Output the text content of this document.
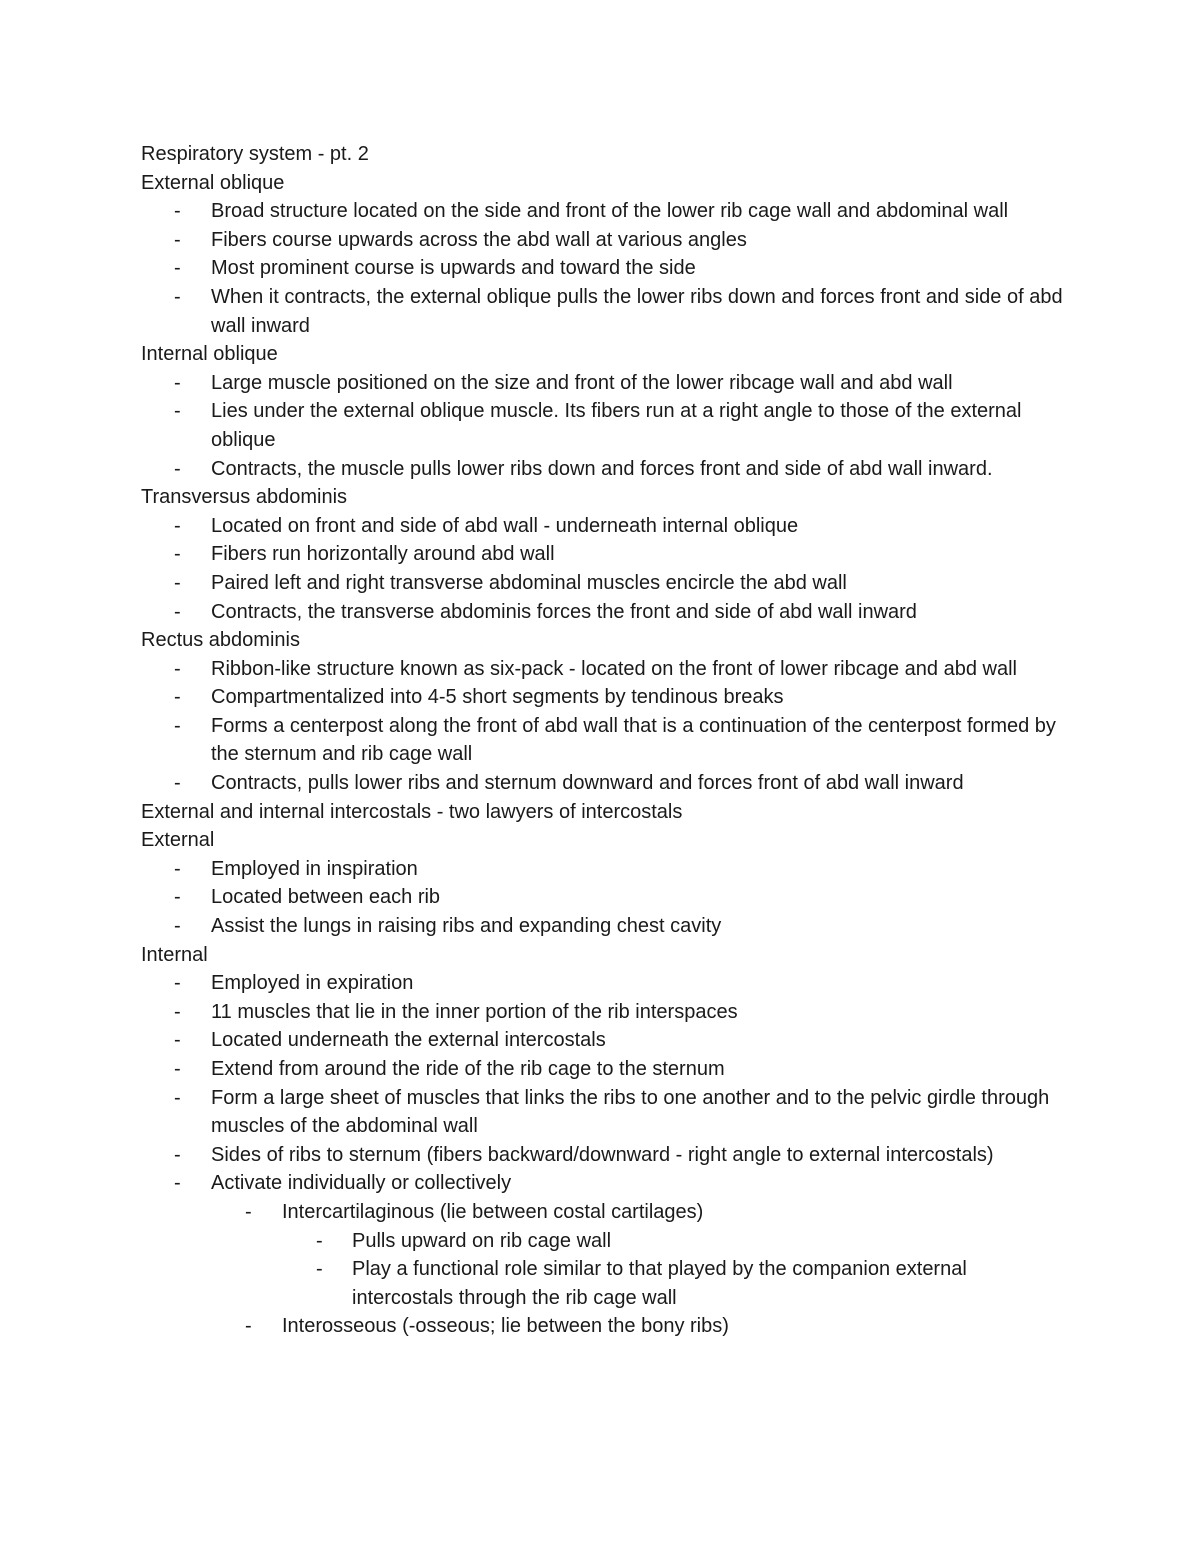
Respiratory system - pt. 2
External oblique
- Broad structure located on the side and front of the lower rib cage wall and abdominal wall
- Fibers course upwards across the abd wall at various angles
- Most prominent course is upwards and toward the side
- When it contracts, the external oblique pulls the lower ribs down and forces front and side of abd wall inward
Internal oblique
- Large muscle positioned on the size and front of the lower ribcage wall and abd wall
- Lies under the external oblique muscle. Its fibers run at a right angle to those of the external oblique
- Contracts, the muscle pulls lower ribs down and forces front and side of abd wall inward.
Transversus abdominis
- Located on front and side of abd wall - underneath internal oblique
- Fibers run horizontally around abd wall
- Paired left and right transverse abdominal muscles encircle the abd wall
- Contracts, the transverse abdominis forces the front and side of abd wall inward
Rectus abdominis
- Ribbon-like structure known as six-pack - located on the front of lower ribcage and abd wall
- Compartmentalized into 4-5 short segments by tendinous breaks
- Forms a centerpost along the front of abd wall that is a continuation of the centerpost formed by the sternum and rib cage wall
- Contracts, pulls lower ribs and sternum downward and forces front of abd wall inward
External and internal intercostals - two lawyers of intercostals
External
- Employed in inspiration
- Located between each rib
- Assist the lungs in raising ribs and expanding chest cavity
Internal
- Employed in expiration
- 11 muscles that lie in the inner portion of the rib interspaces
- Located underneath the external intercostals
- Extend from around the ride of the rib cage to the sternum
- Form a large sheet of muscles that links the ribs to one another and to the pelvic girdle through muscles of the abdominal wall
- Sides of ribs to sternum (fibers backward/downward - right angle to external intercostals)
- Activate individually or collectively
- Intercartilaginous (lie between costal cartilages)
- Pulls upward on rib cage wall
- Play a functional role similar to that played by the companion external intercostals through the rib cage wall
- Interosseous (-osseous; lie between the bony ribs)
